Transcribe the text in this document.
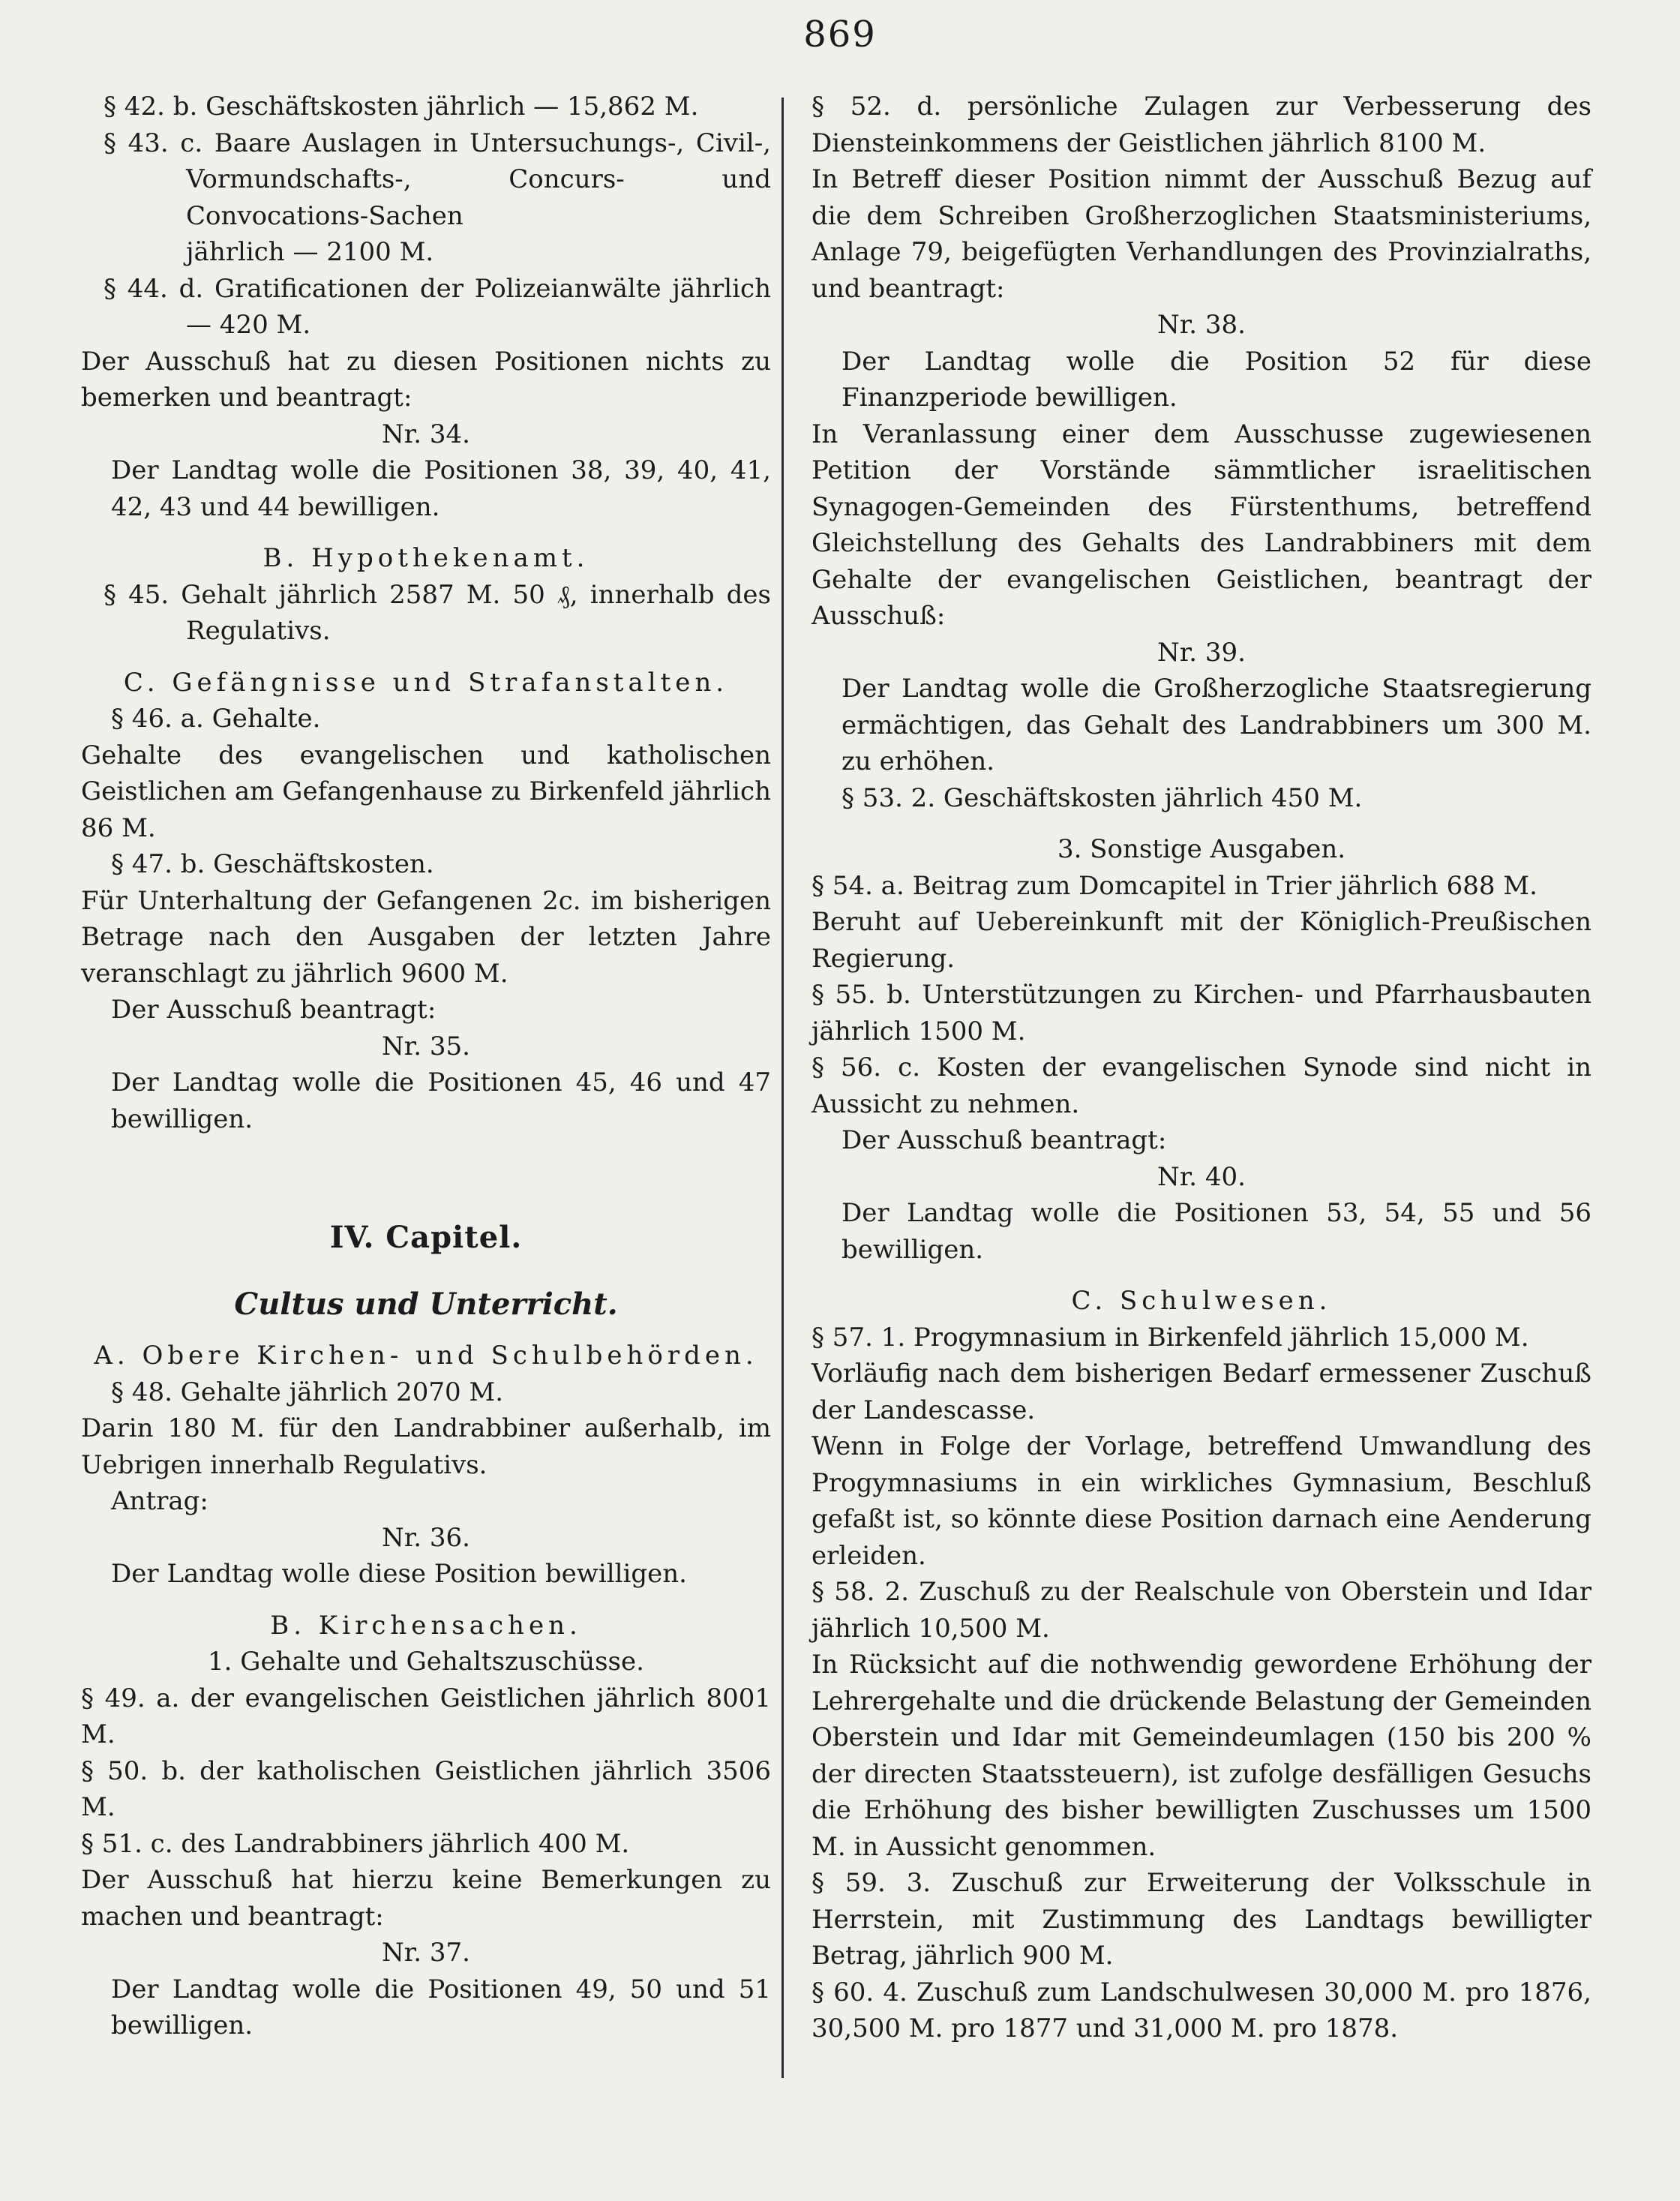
869

§ 42. b. Geschäftskosten jährlich — 15,862 M.

§ 43. c. Baare Auslagen in Untersuchungs-, Civil-, Vormundschafts-, Concurs- und Convocations-Sachen

jährlich — 2100 M.

§ 44. d. Gratificationen der Polizeianwälte jährlich — 420 M.

Der Ausschuß hat zu diesen Positionen nichts zu bemerken und beantragt:

Nr. 34.

Der Landtag wolle die Positionen 38, 39, 40, 41, 42, 43 und 44 bewilligen.

B. Hypothekenamt.

§ 45. Gehalt jährlich 2587 M. 50 ₰, innerhalb des Regulativs.

C. Gefängnisse und Strafanstalten.

§ 46. a. Gehalte.

Gehalte des evangelischen und katholischen Geistlichen am Gefangenhause zu Birkenfeld jährlich 86 M.

§ 47. b. Geschäftskosten.

Für Unterhaltung der Gefangenen 2c. im bisherigen Betrage nach den Ausgaben der letzten Jahre veranschlagt zu jährlich 9600 M.

Der Ausschuß beantragt:

Nr. 35.

Der Landtag wolle die Positionen 45, 46 und 47 bewilligen.

IV. Capitel.

Cultus und Unterricht.

A. Obere Kirchen- und Schulbehörden.

§ 48. Gehalte jährlich 2070 M.

Darin 180 M. für den Landrabbiner außerhalb, im Uebrigen innerhalb Regulativs.

Antrag:

Nr. 36.

Der Landtag wolle diese Position bewilligen.

B. Kirchensachen.

1. Gehalte und Gehaltszuschüsse.

§ 49. a. der evangelischen Geistlichen jährlich 8001 M.

§ 50. b. der katholischen Geistlichen jährlich 3506 M.

§ 51. c. des Landrabbiners jährlich 400 M.

Der Ausschuß hat hierzu keine Bemerkungen zu machen und beantragt:

Nr. 37.

Der Landtag wolle die Positionen 49, 50 und 51 bewilligen.

§ 52. d. persönliche Zulagen zur Verbesserung des Diensteinkommens der Geistlichen jährlich 8100 M.

In Betreff dieser Position nimmt der Ausschuß Bezug auf die dem Schreiben Großherzoglichen Staatsministeriums, Anlage 79, beigefügten Verhandlungen des Provinzialraths, und beantragt:

Nr. 38.

Der Landtag wolle die Position 52 für diese Finanzperiode bewilligen.

In Veranlassung einer dem Ausschusse zugewiesenen Petition der Vorstände sämmtlicher israelitischen Synagogen-Gemeinden des Fürstenthums, betreffend Gleichstellung des Gehalts des Landrabbiners mit dem Gehalte der evangelischen Geistlichen, beantragt der Ausschuß:

Nr. 39.

Der Landtag wolle die Großherzogliche Staatsregierung ermächtigen, das Gehalt des Landrabbiners um 300 M. zu erhöhen.

§ 53. 2. Geschäftskosten jährlich 450 M.

3. Sonstige Ausgaben.

§ 54. a. Beitrag zum Domcapitel in Trier jährlich 688 M.

Beruht auf Uebereinkunft mit der Königlich-Preußischen Regierung.

§ 55. b. Unterstützungen zu Kirchen- und Pfarrhausbauten jährlich 1500 M.

§ 56. c. Kosten der evangelischen Synode sind nicht in Aussicht zu nehmen.

Der Ausschuß beantragt:

Nr. 40.

Der Landtag wolle die Positionen 53, 54, 55 und 56 bewilligen.

C. Schulwesen.

§ 57. 1. Progymnasium in Birkenfeld jährlich 15,000 M.

Vorläufig nach dem bisherigen Bedarf ermessener Zuschuß der Landescasse.

Wenn in Folge der Vorlage, betreffend Umwandlung des Progymnasiums in ein wirkliches Gymnasium, Beschluß gefaßt ist, so könnte diese Position darnach eine Aenderung erleiden.

§ 58. 2. Zuschuß zu der Realschule von Oberstein und Idar jährlich 10,500 M.

In Rücksicht auf die nothwendig gewordene Erhöhung der Lehrergehalte und die drückende Belastung der Gemeinden Oberstein und Idar mit Gemeindeumlagen (150 bis 200 % der directen Staatssteuern), ist zufolge desfälligen Gesuchs die Erhöhung des bisher bewilligten Zuschusses um 1500 M. in Aussicht genommen.

§ 59. 3. Zuschuß zur Erweiterung der Volksschule in Herrstein, mit Zustimmung des Landtags bewilligter Betrag, jährlich 900 M.

§ 60. 4. Zuschuß zum Landschulwesen 30,000 M. pro 1876, 30,500 M. pro 1877 und 31,000 M. pro 1878.
